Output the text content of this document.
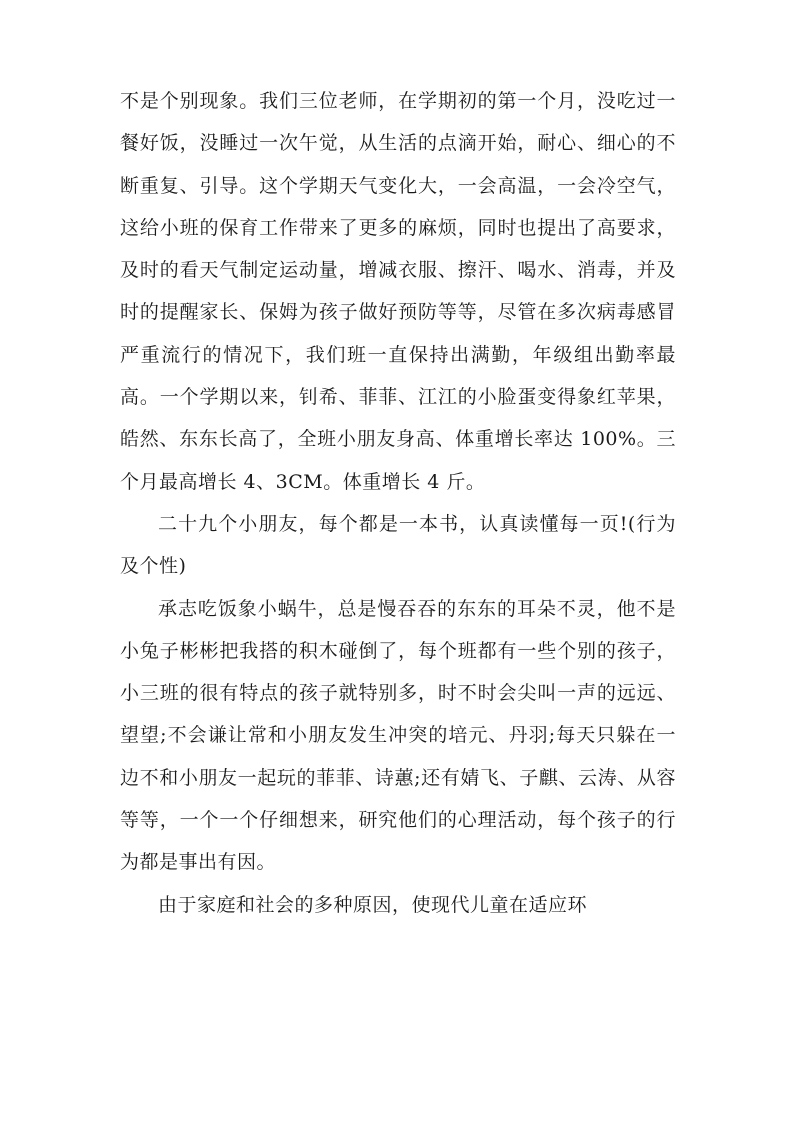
不是个别现象。我们三位老师，在学期初的第一个月，没吃过一餐好饭，没睡过一次午觉，从生活的点滴开始，耐心、细心的不断重复、引导。这个学期天气变化大，一会高温，一会冷空气，这给小班的保育工作带来了更多的麻烦，同时也提出了高要求，及时的看天气制定运动量，增减衣服、擦汗、喝水、消毒，并及时的提醒家长、保姆为孩子做好预防等等，尽管在多次病毒感冒严重流行的情况下，我们班一直保持出满勤，年级组出勤率最高。一个学期以来，钊希、菲菲、江江的小脸蛋变得象红苹果，皓然、东东长高了，全班小朋友身高、体重增长率达 100%。三个月最高增长 4、3CM。体重增长 4 斤。

二十九个小朋友，每个都是一本书，认真读懂每一页!(行为及个性)

承志吃饭象小蜗牛，总是慢吞吞的东东的耳朵不灵，他不是小兔子彬彬把我搭的积木碰倒了，每个班都有一些个别的孩子，小三班的很有特点的孩子就特别多，时不时会尖叫一声的远远、望望;不会谦让常和小朋友发生冲突的培元、丹羽;每天只躲在一边不和小朋友一起玩的菲菲、诗蕙;还有婧飞、子麒、云涛、从容等等，一个一个仔细想来，研究他们的心理活动，每个孩子的行为都是事出有因。

由于家庭和社会的多种原因，使现代儿童在适应环
